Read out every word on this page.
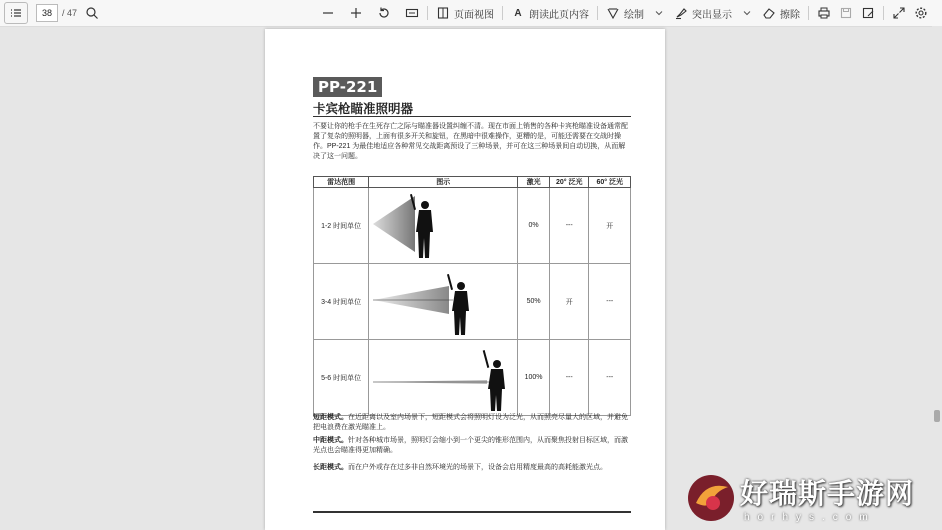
38	/ 47	页面视图	A 朗读此页内容	绘制	突出显示	擦除
PP-221
卡宾枪瞄准照明器
不要让你的枪手在生死存亡之际与瞄准器设置纠缠不清。现在市面上销售的各种卡宾枪瞄准设备通常配置了复杂的照明器，上面有很多开关和旋钮，在黑暗中很难操作，更糟的是，可能还需要在交战时操作。PP-221 为最佳地适应各种常见交战距离预设了三种场景，并可在这三种场景间自动切换，从而解决了这一问题。
雷达范围	图示	激光	20° 泛光	60° 泛光
1-2 时间单位		0%	---	开
3-4 时间单位		50%	开	---
5-6 时间单位		100%	---	---

短距模式。在近距离以及室内场景下，短距模式会将照明灯设为泛光，从而照亮尽量大的区域，并避免把电浪费在激光瞄准上。

中距模式。针对各种城市场景，照明灯会缩小到一个更尖的锥形范围内，从而聚焦投射目标区域，而激光点也会瞄准得更加精确。

长距模式。而在户外或存在过多非自然环境光的场景下，设备会启用精度最高的高耗能激光点。

好瑞斯手游网
horhys.com
